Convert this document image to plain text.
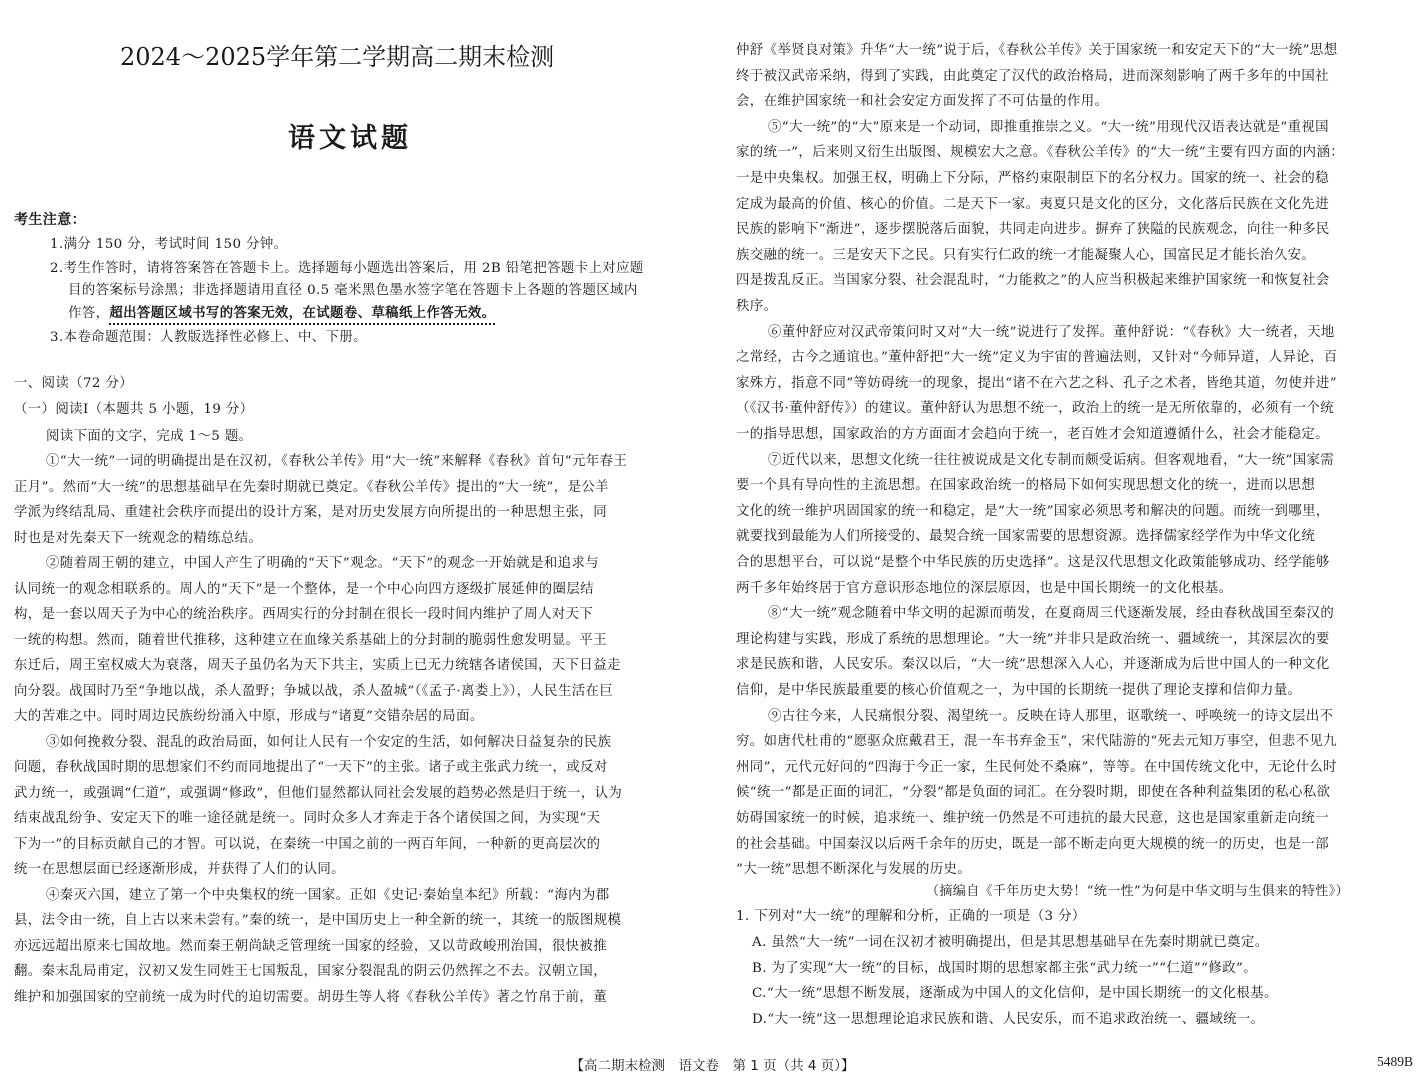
2024～2025学年第二学期高二期末检测
语文试题
考生注意：
1.满分 150 分，考试时间 150 分钟。
2.考生作答时，请将答案答在答题卡上。选择题每小题选出答案后，用 2B 铅笔把答题卡上对应题
目的答案标号涂黑；非选择题请用直径 0.5 毫米黑色墨水签字笔在答题卡上各题的答题区域内
作答，超出答题区域书写的答案无效，在试题卷、草稿纸上作答无效。
3.本卷命题范围：人教版选择性必修上、中、下册。
一、阅读（72 分）
（一）阅读Ⅰ（本题共 5 小题，19 分）
阅读下面的文字，完成 1～5 题。
①“大一统”一词的明确提出是在汉初，《春秋公羊传》用“大一统”来解释《春秋》首句“元年春王
正月”。然而“大一统”的思想基础早在先秦时期就已奠定。《春秋公羊传》提出的“大一统”，是公羊
学派为终结乱局、重建社会秩序而提出的设计方案，是对历史发展方向所提出的一种思想主张，同
时也是对先秦天下一统观念的精练总结。
②随着周王朝的建立，中国人产生了明确的“天下”观念。“天下”的观念一开始就是和追求与
认同统一的观念相联系的。周人的“天下”是一个整体，是一个中心向四方逐级扩展延伸的圈层结
构，是一套以周天子为中心的统治秩序。西周实行的分封制在很长一段时间内维护了周人对天下
一统的构想。然而，随着世代推移，这种建立在血缘关系基础上的分封制的脆弱性愈发明显。平王
东迁后，周王室权威大为衰落，周天子虽仍名为天下共主，实质上已无力统辖各诸侯国，天下日益走
向分裂。战国时乃至“争地以战，杀人盈野；争城以战，杀人盈城”（《孟子·离娄上》），人民生活在巨
大的苦难之中。同时周边民族纷纷涌入中原，形成与“诸夏”交错杂居的局面。
③如何挽救分裂、混乱的政治局面，如何让人民有一个安定的生活，如何解决日益复杂的民族
问题，春秋战国时期的思想家们不约而同地提出了“一天下”的主张。诸子或主张武力统一，或反对
武力统一，或强调“仁道”，或强调“修政”，但他们显然都认同社会发展的趋势必然是归于统一，认为
结束战乱纷争、安定天下的唯一途径就是统一。同时众多人才奔走于各个诸侯国之间，为实现“天
下为一”的目标贡献自己的才智。可以说，在秦统一中国之前的一两百年间，一种新的更高层次的
统一在思想层面已经逐渐形成，并获得了人们的认同。
④秦灭六国，建立了第一个中央集权的统一国家。正如《史记·秦始皇本纪》所载：“海内为郡
县，法令由一统，自上古以来未尝有。”秦的统一，是中国历史上一种全新的统一，其统一的版图规模
亦远远超出原来七国故地。然而秦王朝尚缺乏管理统一国家的经验，又以苛政峻刑治国，很快被推
翻。秦末乱局甫定，汉初又发生同姓王七国叛乱，国家分裂混乱的阴云仍然挥之不去。汉朝立国，
维护和加强国家的空前统一成为时代的迫切需要。胡毋生等人将《春秋公羊传》著之竹帛于前，董
仲舒《举贤良对策》升华“大一统”说于后，《春秋公羊传》关于国家统一和安定天下的“大一统”思想
终于被汉武帝采纳，得到了实践，由此奠定了汉代的政治格局，进而深刻影响了两千多年的中国社
会，在维护国家统一和社会安定方面发挥了不可估量的作用。
⑤“大一统”的“大”原来是一个动词，即推重推崇之义。“大一统”用现代汉语表达就是“重视国
家的统一”，后来则又衍生出版图、规模宏大之意。《春秋公羊传》的“大一统”主要有四方面的内涵：
一是中央集权。加强王权，明确上下分际，严格约束限制臣下的名分权力。国家的统一、社会的稳
定成为最高的价值、核心的价值。二是天下一家。夷夏只是文化的区分，文化落后民族在文化先进
民族的影响下“渐进”，逐步摆脱落后面貌，共同走向进步。摒弃了狭隘的民族观念，向往一种多民
族交融的统一。三是安天下之民。只有实行仁政的统一才能凝聚人心，国富民足才能长治久安。
四是拨乱反正。当国家分裂、社会混乱时，“力能救之”的人应当积极起来维护国家统一和恢复社会
秩序。
⑥董仲舒应对汉武帝策问时又对“大一统”说进行了发挥。董仲舒说：“《春秋》大一统者，天地
之常经，古今之通谊也。”董仲舒把“大一统”定义为宇宙的普遍法则，又针对“今师异道，人异论，百
家殊方，指意不同”等妨碍统一的现象，提出“诸不在六艺之科、孔子之术者，皆绝其道，勿使并进”
（《汉书·董仲舒传》）的建议。董仲舒认为思想不统一，政治上的统一是无所依靠的，必须有一个统
一的指导思想，国家政治的方方面面才会趋向于统一，老百姓才会知道遵循什么，社会才能稳定。
⑦近代以来，思想文化统一往往被说成是文化专制而颇受诟病。但客观地看，“大一统”国家需
要一个具有导向性的主流思想。在国家政治统一的格局下如何实现思想文化的统一，进而以思想
文化的统一维护巩固国家的统一和稳定，是“大一统”国家必须思考和解决的问题。而统一到哪里，
就要找到最能为人们所接受的、最契合统一国家需要的思想资源。选择儒家经学作为中华文化统
合的思想平台，可以说“是整个中华民族的历史选择”。这是汉代思想文化政策能够成功、经学能够
两千多年始终居于官方意识形态地位的深层原因，也是中国长期统一的文化根基。
⑧“大一统”观念随着中华文明的起源而萌发，在夏商周三代逐渐发展，经由春秋战国至秦汉的
理论构建与实践，形成了系统的思想理论。“大一统”并非只是政治统一、疆域统一，其深层次的要
求是民族和谐，人民安乐。秦汉以后，“大一统”思想深入人心，并逐渐成为后世中国人的一种文化
信仰，是中华民族最重要的核心价值观之一，为中国的长期统一提供了理论支撑和信仰力量。
⑨古往今来，人民痛恨分裂、渴望统一。反映在诗人那里，讴歌统一、呼唤统一的诗文层出不
穷。如唐代杜甫的“愿驱众庶戴君王，混一车书弃金玉”，宋代陆游的“死去元知万事空，但悲不见九
州同”，元代元好问的“四海于今正一家，生民何处不桑麻”，等等。在中国传统文化中，无论什么时
候“统一”都是正面的词汇，“分裂”都是负面的词汇。在分裂时期，即使在各种利益集团的私心私欲
妨碍国家统一的时候，追求统一、维护统一仍然是不可违抗的最大民意，这也是国家重新走向统一
的社会基础。中国秦汉以后两千余年的历史，既是一部不断走向更大规模的统一的历史，也是一部
“大一统”思想不断深化与发展的历史。
（摘编自《千年历史大势！“统一性”为何是中华文明与生俱来的特性》）
1. 下列对“大一统”的理解和分析，正确的一项是（3 分）
A. 虽然“大一统”一词在汉初才被明确提出，但是其思想基础早在先秦时期就已奠定。
B. 为了实现“大一统”的目标，战国时期的思想家都主张“武力统一”“仁道”“修政”。
C.“大一统”思想不断发展，逐渐成为中国人的文化信仰，是中国长期统一的文化根基。
D.“大一统”这一思想理论追求民族和谐、人民安乐，而不追求政治统一、疆域统一。
【高二期末检测　语文卷　第 1 页（共 4 页）】	5489B
